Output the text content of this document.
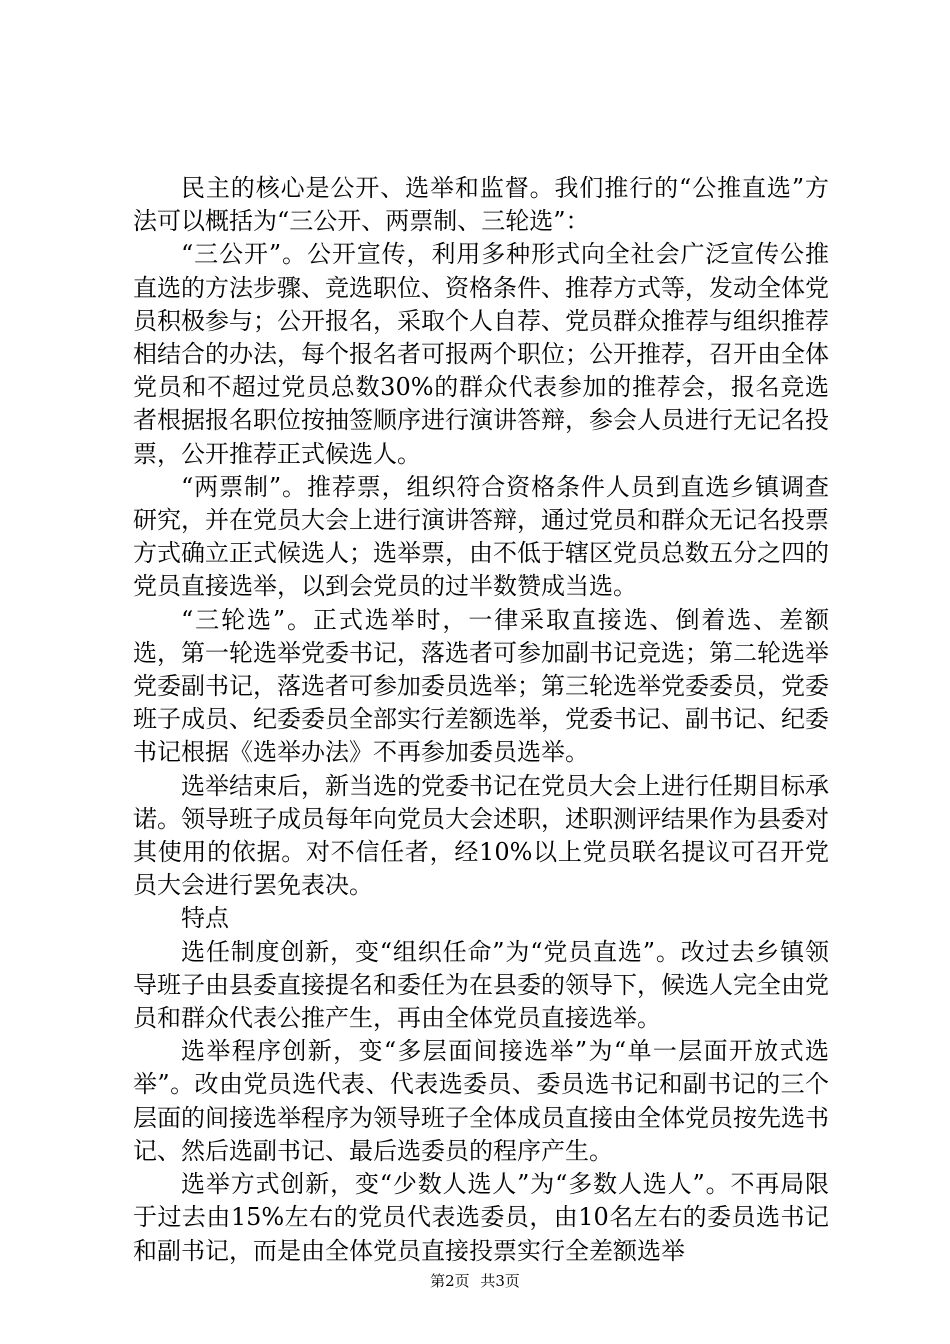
民主的核心是公开、选举和监督。我们推行的“公推直选”方法可以概括为“三公开、两票制、三轮选”：

“三公开”。公开宣传，利用多种形式向全社会广泛宣传公推直选的方法步骤、竞选职位、资格条件、推荐方式等，发动全体党员积极参与；公开报名，采取个人自荐、党员群众推荐与组织推荐相结合的办法，每个报名者可报两个职位；公开推荐，召开由全体党员和不超过党员总数30%的群众代表参加的推荐会，报名竞选者根据报名职位按抽签顺序进行演讲答辩，参会人员进行无记名投票，公开推荐正式候选人。

“两票制”。推荐票，组织符合资格条件人员到直选乡镇调查研究，并在党员大会上进行演讲答辩，通过党员和群众无记名投票方式确立正式候选人；选举票，由不低于辖区党员总数五分之四的党员直接选举，以到会党员的过半数赞成当选。

“三轮选”。正式选举时，一律采取直接选、倒着选、差额选，第一轮选举党委书记，落选者可参加副书记竞选；第二轮选举党委副书记，落选者可参加委员选举；第三轮选举党委委员，党委班子成员、纪委委员全部实行差额选举，党委书记、副书记、纪委书记根据《选举办法》不再参加委员选举。

选举结束后，新当选的党委书记在党员大会上进行任期目标承诺。领导班子成员每年向党员大会述职，述职测评结果作为县委对其使用的依据。对不信任者，经10%以上党员联名提议可召开党员大会进行罢免表决。

特点

选任制度创新，变“组织任命”为“党员直选”。改过去乡镇领导班子由县委直接提名和委任为在县委的领导下，候选人完全由党员和群众代表公推产生，再由全体党员直接选举。

选举程序创新，变“多层面间接选举”为“单一层面开放式选举”。改由党员选代表、代表选委员、委员选书记和副书记的三个层面的间接选举程序为领导班子全体成员直接由全体党员按先选书记、然后选副书记、最后选委员的程序产生。

选举方式创新，变“少数人选人”为“多数人选人”。不再局限于过去由15%左右的党员代表选委员，由10名左右的委员选书记和副书记，而是由全体党员直接投票实行全差额选举

第2页 共3页
